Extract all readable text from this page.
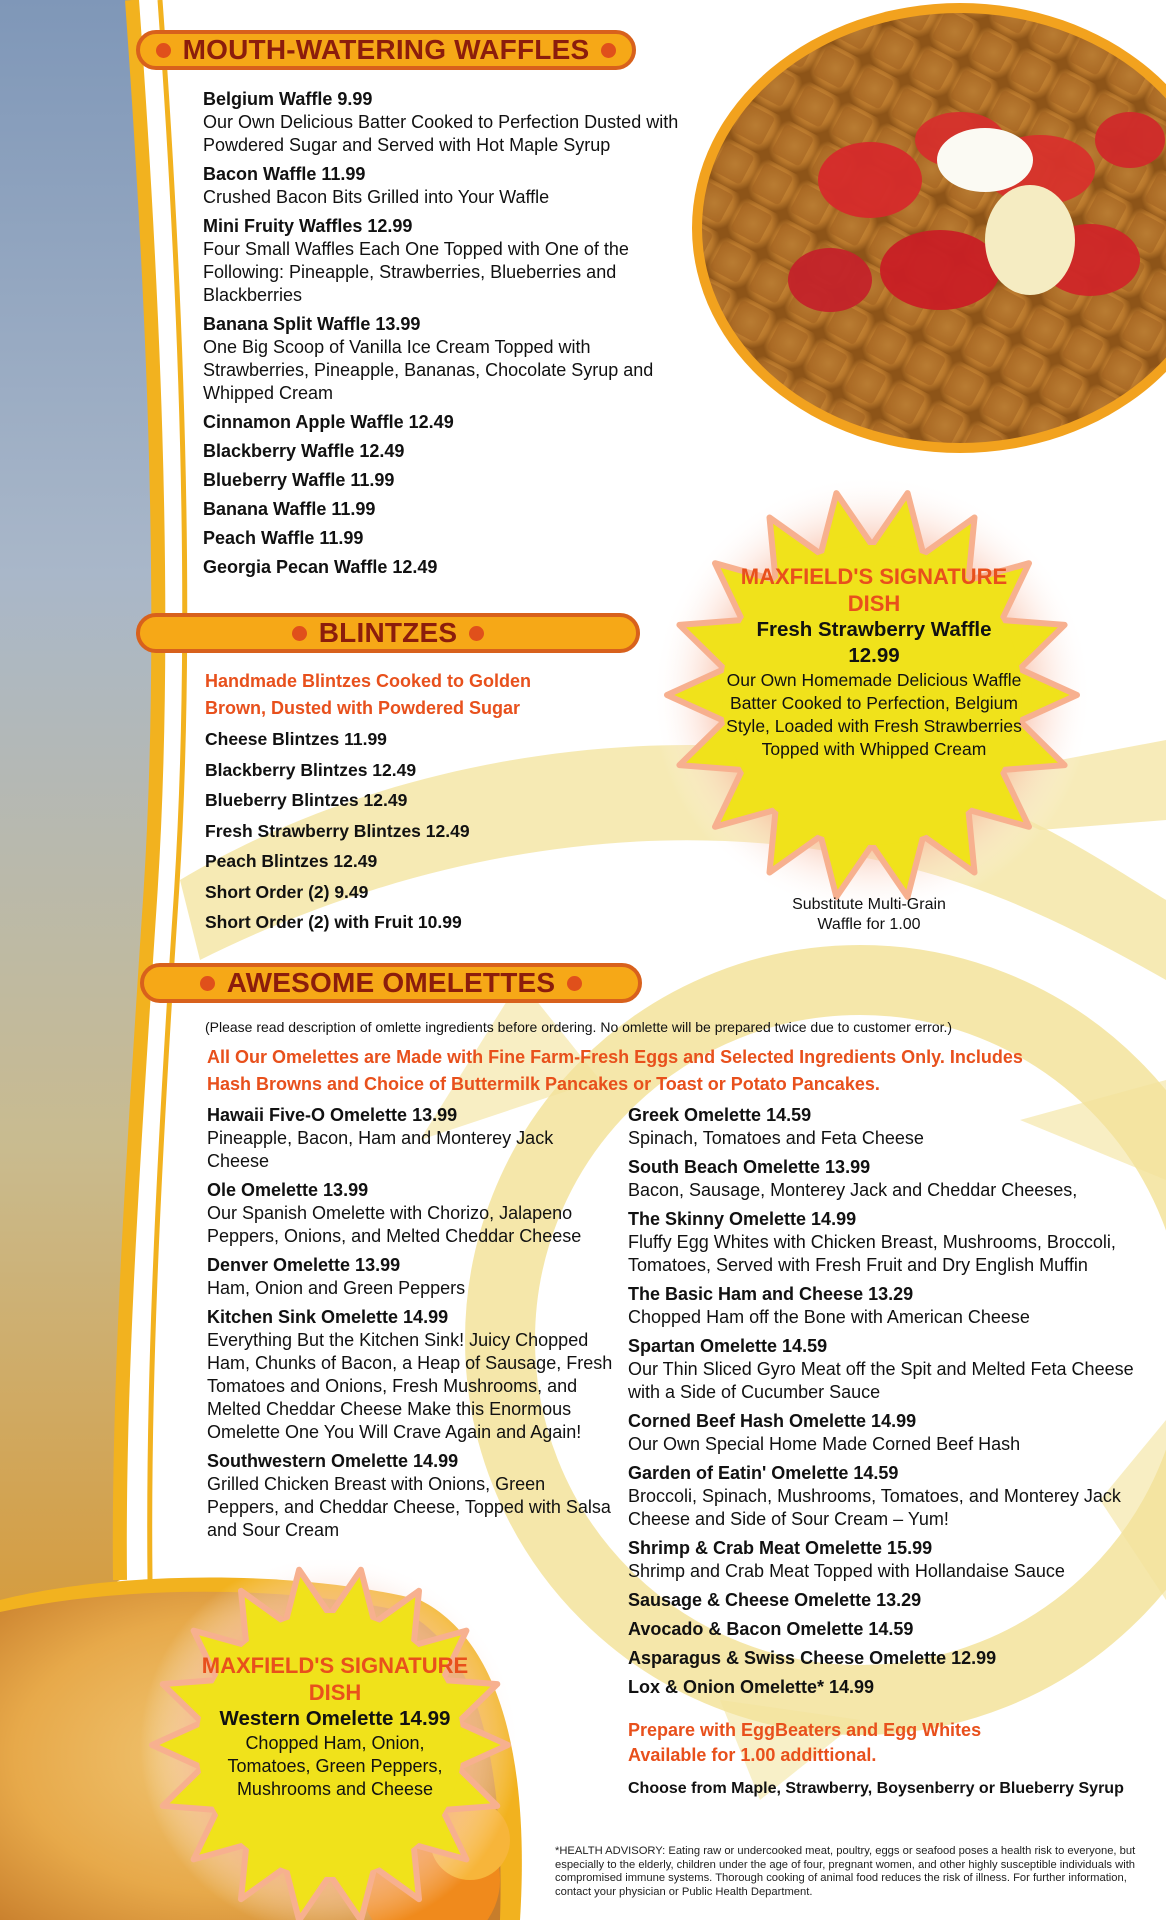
MOUTH-WATERING WAFFLES
Belgium Waffle 9.99
Our Own Delicious Batter Cooked to Perfection Dusted with Powdered Sugar and Served with Hot Maple Syrup
Bacon Waffle 11.99
Crushed Bacon Bits Grilled into Your Waffle
Mini Fruity Waffles 12.99
Four Small Waffles Each One Topped with One of the Following: Pineapple, Strawberries, Blueberries and Blackberries
Banana Split Waffle 13.99
One Big Scoop of Vanilla Ice Cream Topped with Strawberries, Pineapple, Bananas, Chocolate Syrup and Whipped Cream
Cinnamon Apple Waffle 12.49
Blackberry Waffle 12.49
Blueberry Waffle 11.99
Banana Waffle 11.99
Peach Waffle 11.99
Georgia Pecan Waffle 12.49	MAXFIELD'S SIGNATURE DISH
Fresh Strawberry Waffle
12.99
Our Own Homemade Delicious Waffle Batter Cooked to Perfection, Belgium Style, Loaded with Fresh Strawberries Topped with Whipped Cream
Substitute Multi-Grain Waffle for 1.00
BLINTZES
Handmade Blintzes Cooked to Golden Brown, Dusted with Powdered Sugar
Cheese Blintzes 11.99
Blackberry Blintzes 12.49
Blueberry Blintzes 12.49
Fresh Strawberry Blintzes 12.49
Peach Blintzes 12.49
Short Order (2) 9.49
Short Order (2) with Fruit 10.99
AWESOME OMELETTES
(Please read description of omlette ingredients before ordering. No omlette will be prepared twice due to customer error.)
All Our Omelettes are Made with Fine Farm-Fresh Eggs and Selected Ingredients Only. Includes Hash Browns and Choice of Buttermilk Pancakes or Toast or Potato Pancakes.
Hawaii Five-O Omelette 13.99
Pineapple, Bacon, Ham and Monterey Jack Cheese
Ole Omelette 13.99
Our Spanish Omelette with Chorizo, Jalapeno Peppers, Onions, and Melted Cheddar Cheese
Denver Omelette 13.99
Ham, Onion and Green Peppers
Kitchen Sink Omelette 14.99
Everything But the Kitchen Sink! Juicy Chopped Ham, Chunks of Bacon, a Heap of Sausage, Fresh Tomatoes and Onions, Fresh Mushrooms, and Melted Cheddar Cheese Make this Enormous Omelette One You Will Crave Again and Again!
Southwestern Omelette 14.99
Grilled Chicken Breast with Onions, Green Peppers, and Cheddar Cheese, Topped with Salsa and Sour Cream
Greek Omelette 14.59
Spinach, Tomatoes and Feta Cheese
South Beach Omelette 13.99
Bacon, Sausage, Monterey Jack and Cheddar Cheeses,
The Skinny Omelette 14.99
Fluffy Egg Whites with Chicken Breast, Mushrooms, Broccoli, Tomatoes, Served with Fresh Fruit and Dry English Muffin
The Basic Ham and Cheese 13.29
Chopped Ham off the Bone with American Cheese
Spartan Omelette 14.59
Our Thin Sliced Gyro Meat off the Spit and Melted Feta Cheese with a Side of Cucumber Sauce
Corned Beef Hash Omelette 14.99
Our Own Special Home Made Corned Beef Hash
Garden of Eatin' Omelette 14.59
Broccoli, Spinach, Mushrooms, Tomatoes, and Monterey Jack Cheese and Side of Sour Cream – Yum!
Shrimp & Crab Meat Omelette 15.99
Shrimp and Crab Meat Topped with Hollandaise Sauce
Sausage & Cheese Omelette 13.29
Avocado & Bacon Omelette 14.59
Asparagus & Swiss Cheese Omelette 12.99
Lox & Onion Omelette* 14.99
Prepare with EggBeaters and Egg Whites Available for 1.00 addittional.
Choose from Maple, Strawberry, Boysenberry or Blueberry Syrup
MAXFIELD'S SIGNATURE DISH
Western Omelette 14.99
Chopped Ham, Onion, Tomatoes, Green Peppers, Mushrooms and Cheese
*HEALTH ADVISORY: Eating raw or undercooked meat, poultry, eggs or seafood poses a health risk to everyone, but especially to the elderly, children under the age of four, pregnant women, and other highly susceptible individuals with compromised immune systems. Thorough cooking of animal food reduces the risk of illness. For further information, contact your physician or Public Health Department.
